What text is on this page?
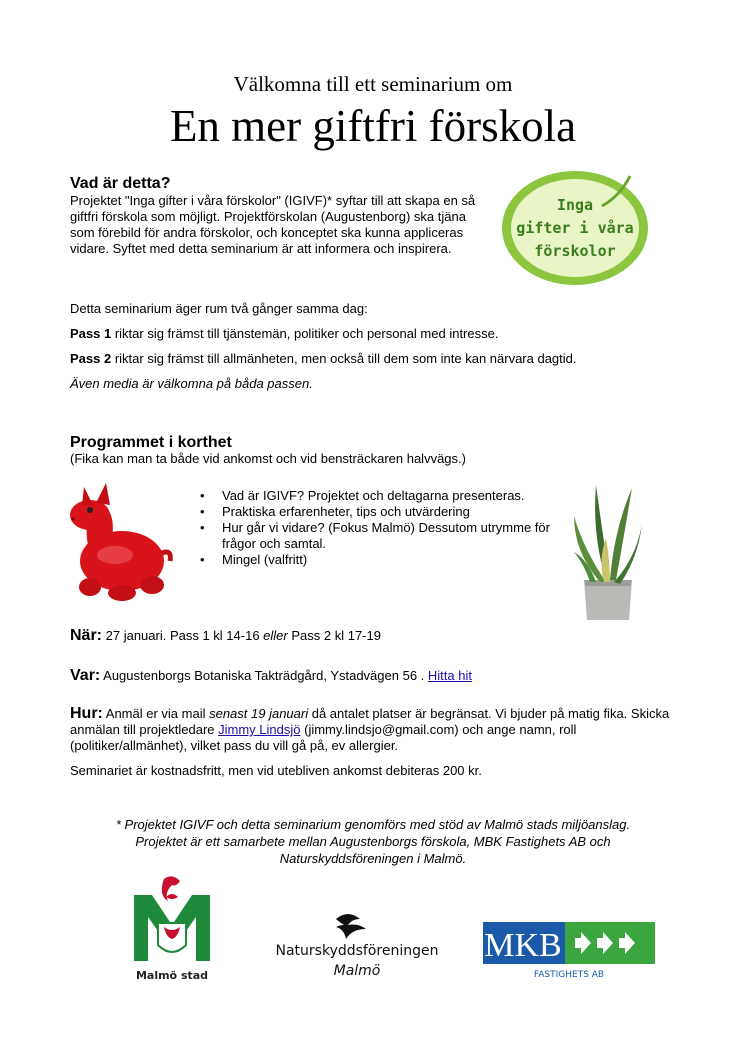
Välkomna till ett seminarium om
En mer giftfri förskola
Vad är detta?
Projektet "Inga gifter i våra förskolor" (IGIVF)* syftar till att skapa en så giftfri förskola som möjligt. Projektförskolan (Augustenborg) ska tjäna som förebild för andra förskolor, och konceptet ska kunna appliceras vidare. Syftet med detta seminarium är att informera och inspirera.
Inga
gifter i våra
förskolor
Detta seminarium äger rum två gånger samma dag:
Pass 1 riktar sig främst till tjänstemän, politiker och personal med intresse.
Pass 2 riktar sig främst till allmänheten, men också till dem som inte kan närvara dagtid.
Även media är välkomna på båda passen.
Programmet i korthet
(Fika kan man ta både vid ankomst och vid bensträckaren halvvägs.)
• Vad är IGIVF? Projektet och deltagarna presenteras.
• Praktiska erfarenheter, tips och utvärdering
• Hur går vi vidare? (Fokus Malmö) Dessutom utrymme för frågor och samtal.
• Mingel (valfritt)
När: 27 januari. Pass 1 kl 14-16 eller Pass 2 kl 17-19
Var: Augustenborgs Botaniska Takträdgård, Ystadvägen 56 . Hitta hit
Hur: Anmäl er via mail senast 19 januari då antalet platser är begränsat. Vi bjuder på matig fika. Skicka anmälan till projektledare Jimmy Lindsjö (jimmy.lindsjo@gmail.com) och ange namn, roll (politiker/allmänhet), vilket pass du vill gå på, ev allergier.
Seminariet är kostnadsfritt, men vid utebliven ankomst debiteras 200 kr.
* Projektet IGIVF och detta seminarium genomförs med stöd av Malmö stads miljöanslag.
Projektet är ett samarbete mellan Augustenborgs förskola, MBK Fastighets AB och
Naturskyddsföreningen i Malmö.
Malmö stad
Naturskyddsföreningen
Malmö
MKB
FASTIGHETS AB
